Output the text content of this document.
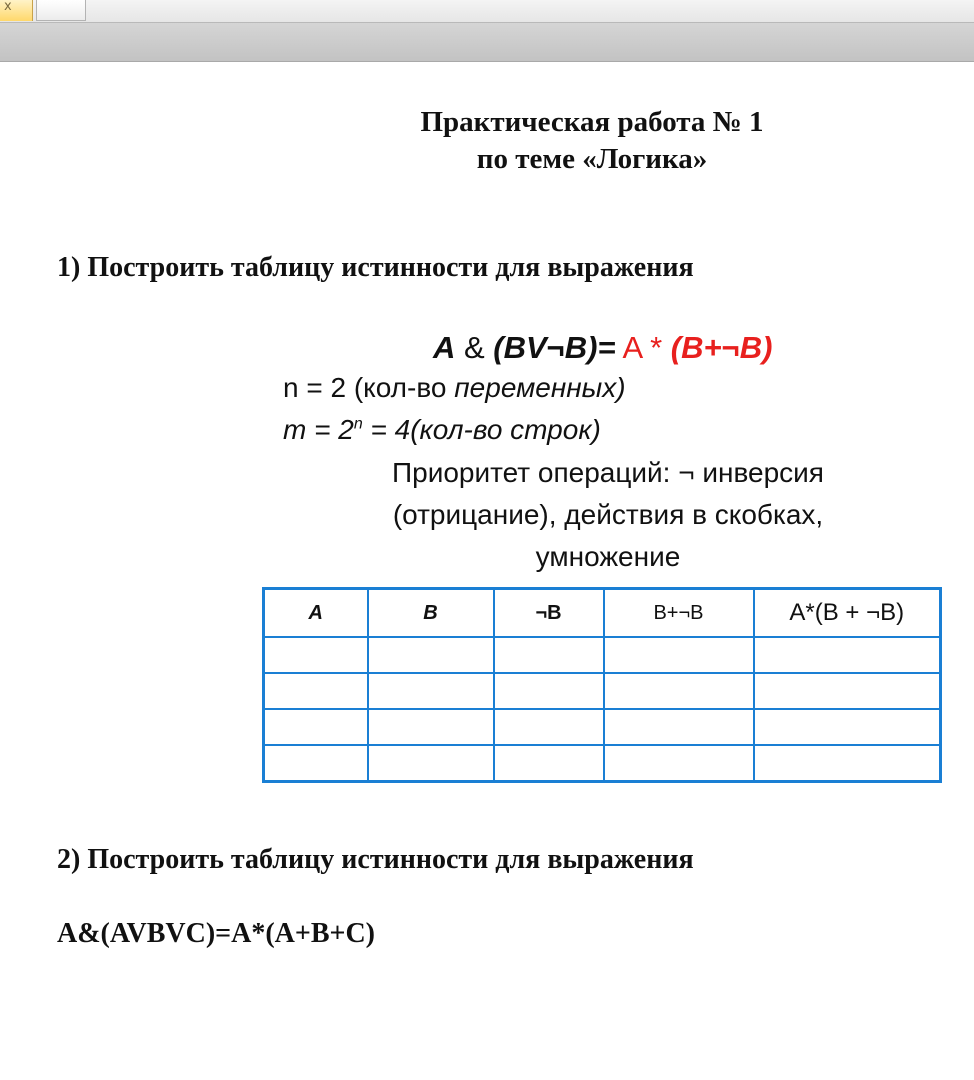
x
Практическая работа № 1
по теме «Логика»
1) Построить таблицу истинности для выражения
A & (BV¬B)= A * (B+¬B)
n = 2 (кол-во переменных)
$m = 2^n = 4(кол-во$ строк)
Приоритет операций: ¬ инверсия (отрицание), действия в скобках, умножение
A	B	¬B	B+¬B	A*(B + ¬B)

2) Построить таблицу истинности для выражения
A&(AVBVC)=A*(A+B+C)
